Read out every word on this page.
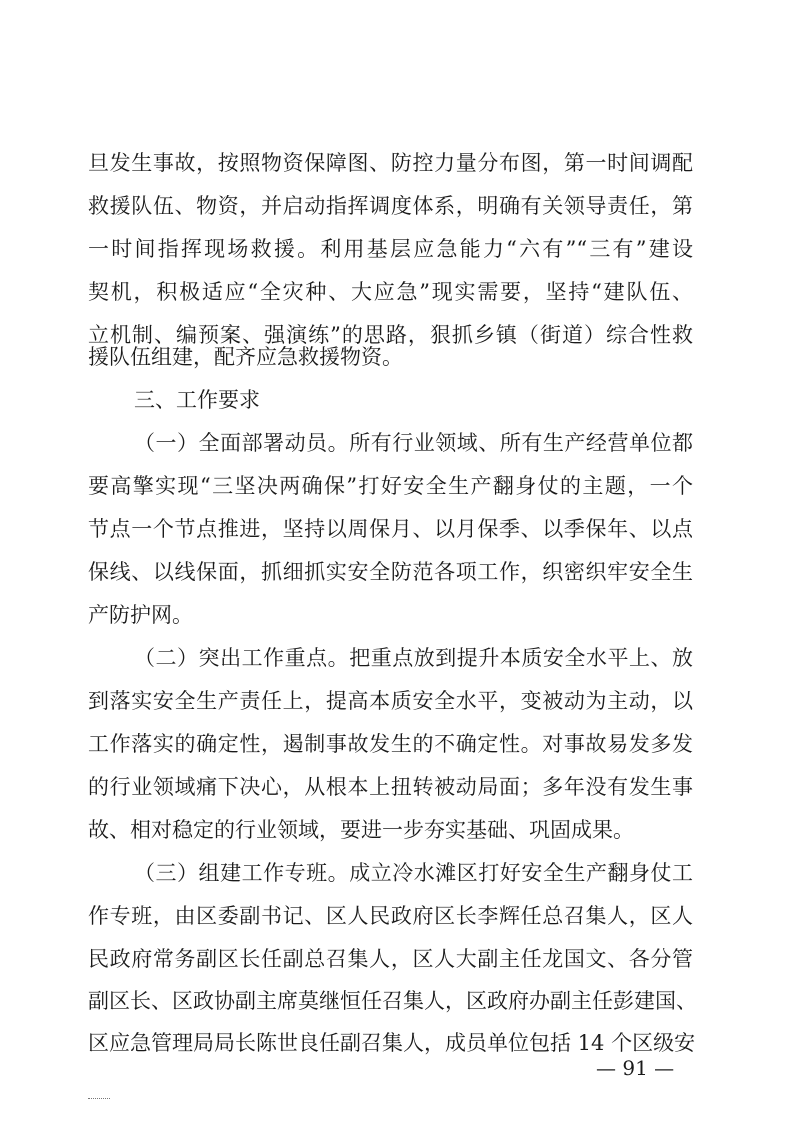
旦发生事故，按照物资保障图、防控力量分布图，第一时间调配
救援队伍、物资，并启动指挥调度体系，明确有关领导责任，第
一时间指挥现场救援。利用基层应急能力“六有”“三有”建设
契机，积极适应“全灾种、大应急”现实需要，坚持“建队伍、
立机制、编预案、强演练”的思路，狠抓乡镇（街道）综合性救
援队伍组建，配齐应急救援物资。
三、工作要求
（一）全面部署动员。所有行业领域、所有生产经营单位都
要高擎实现“三坚决两确保”打好安全生产翻身仗的主题，一个
节点一个节点推进，坚持以周保月、以月保季、以季保年、以点
保线、以线保面，抓细抓实安全防范各项工作，织密织牢安全生
产防护网。
（二）突出工作重点。把重点放到提升本质安全水平上、放
到落实安全生产责任上，提高本质安全水平，变被动为主动，以
工作落实的确定性，遏制事故发生的不确定性。对事故易发多发
的行业领域痛下决心，从根本上扭转被动局面；多年没有发生事
故、相对稳定的行业领域，要进一步夯实基础、巩固成果。
（三）组建工作专班。成立冷水滩区打好安全生产翻身仗工
作专班，由区委副书记、区人民政府区长李辉任总召集人，区人
民政府常务副区长任副总召集人，区人大副主任龙国文、各分管
副区长、区政协副主席莫继恒任召集人，区政府办副主任彭建国、
区应急管理局局长陈世良任副召集人，成员单位包括 14 个区级安
— 91 —
